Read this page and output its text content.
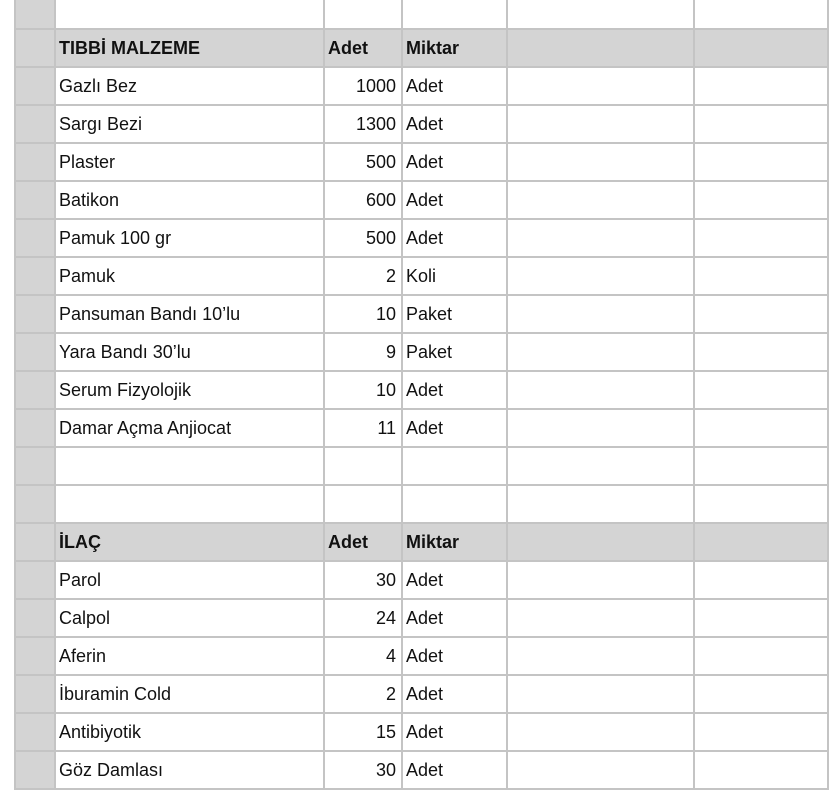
TIBBİ MALZEME	Adet	Miktar
Gazlı Bez	1000 Adet
Sargı Bezi	1300 Adet
Plaster	500 Adet
Batikon	600 Adet
Pamuk 100 gr	500 Adet
Pamuk	2 Koli
Pansuman Bandı 10’lu	10 Paket
Yara Bandı 30’lu	9 Paket
Serum Fizyolojik	10 Adet
Damar Açma Anjiocat	11 Adet
İLAÇ	Adet	Miktar
Parol	30 Adet
Calpol	24 Adet
Aferin	4 Adet
İburamin Cold	2 Adet
Antibiyotik	15 Adet
Göz Damlası	30 Adet
